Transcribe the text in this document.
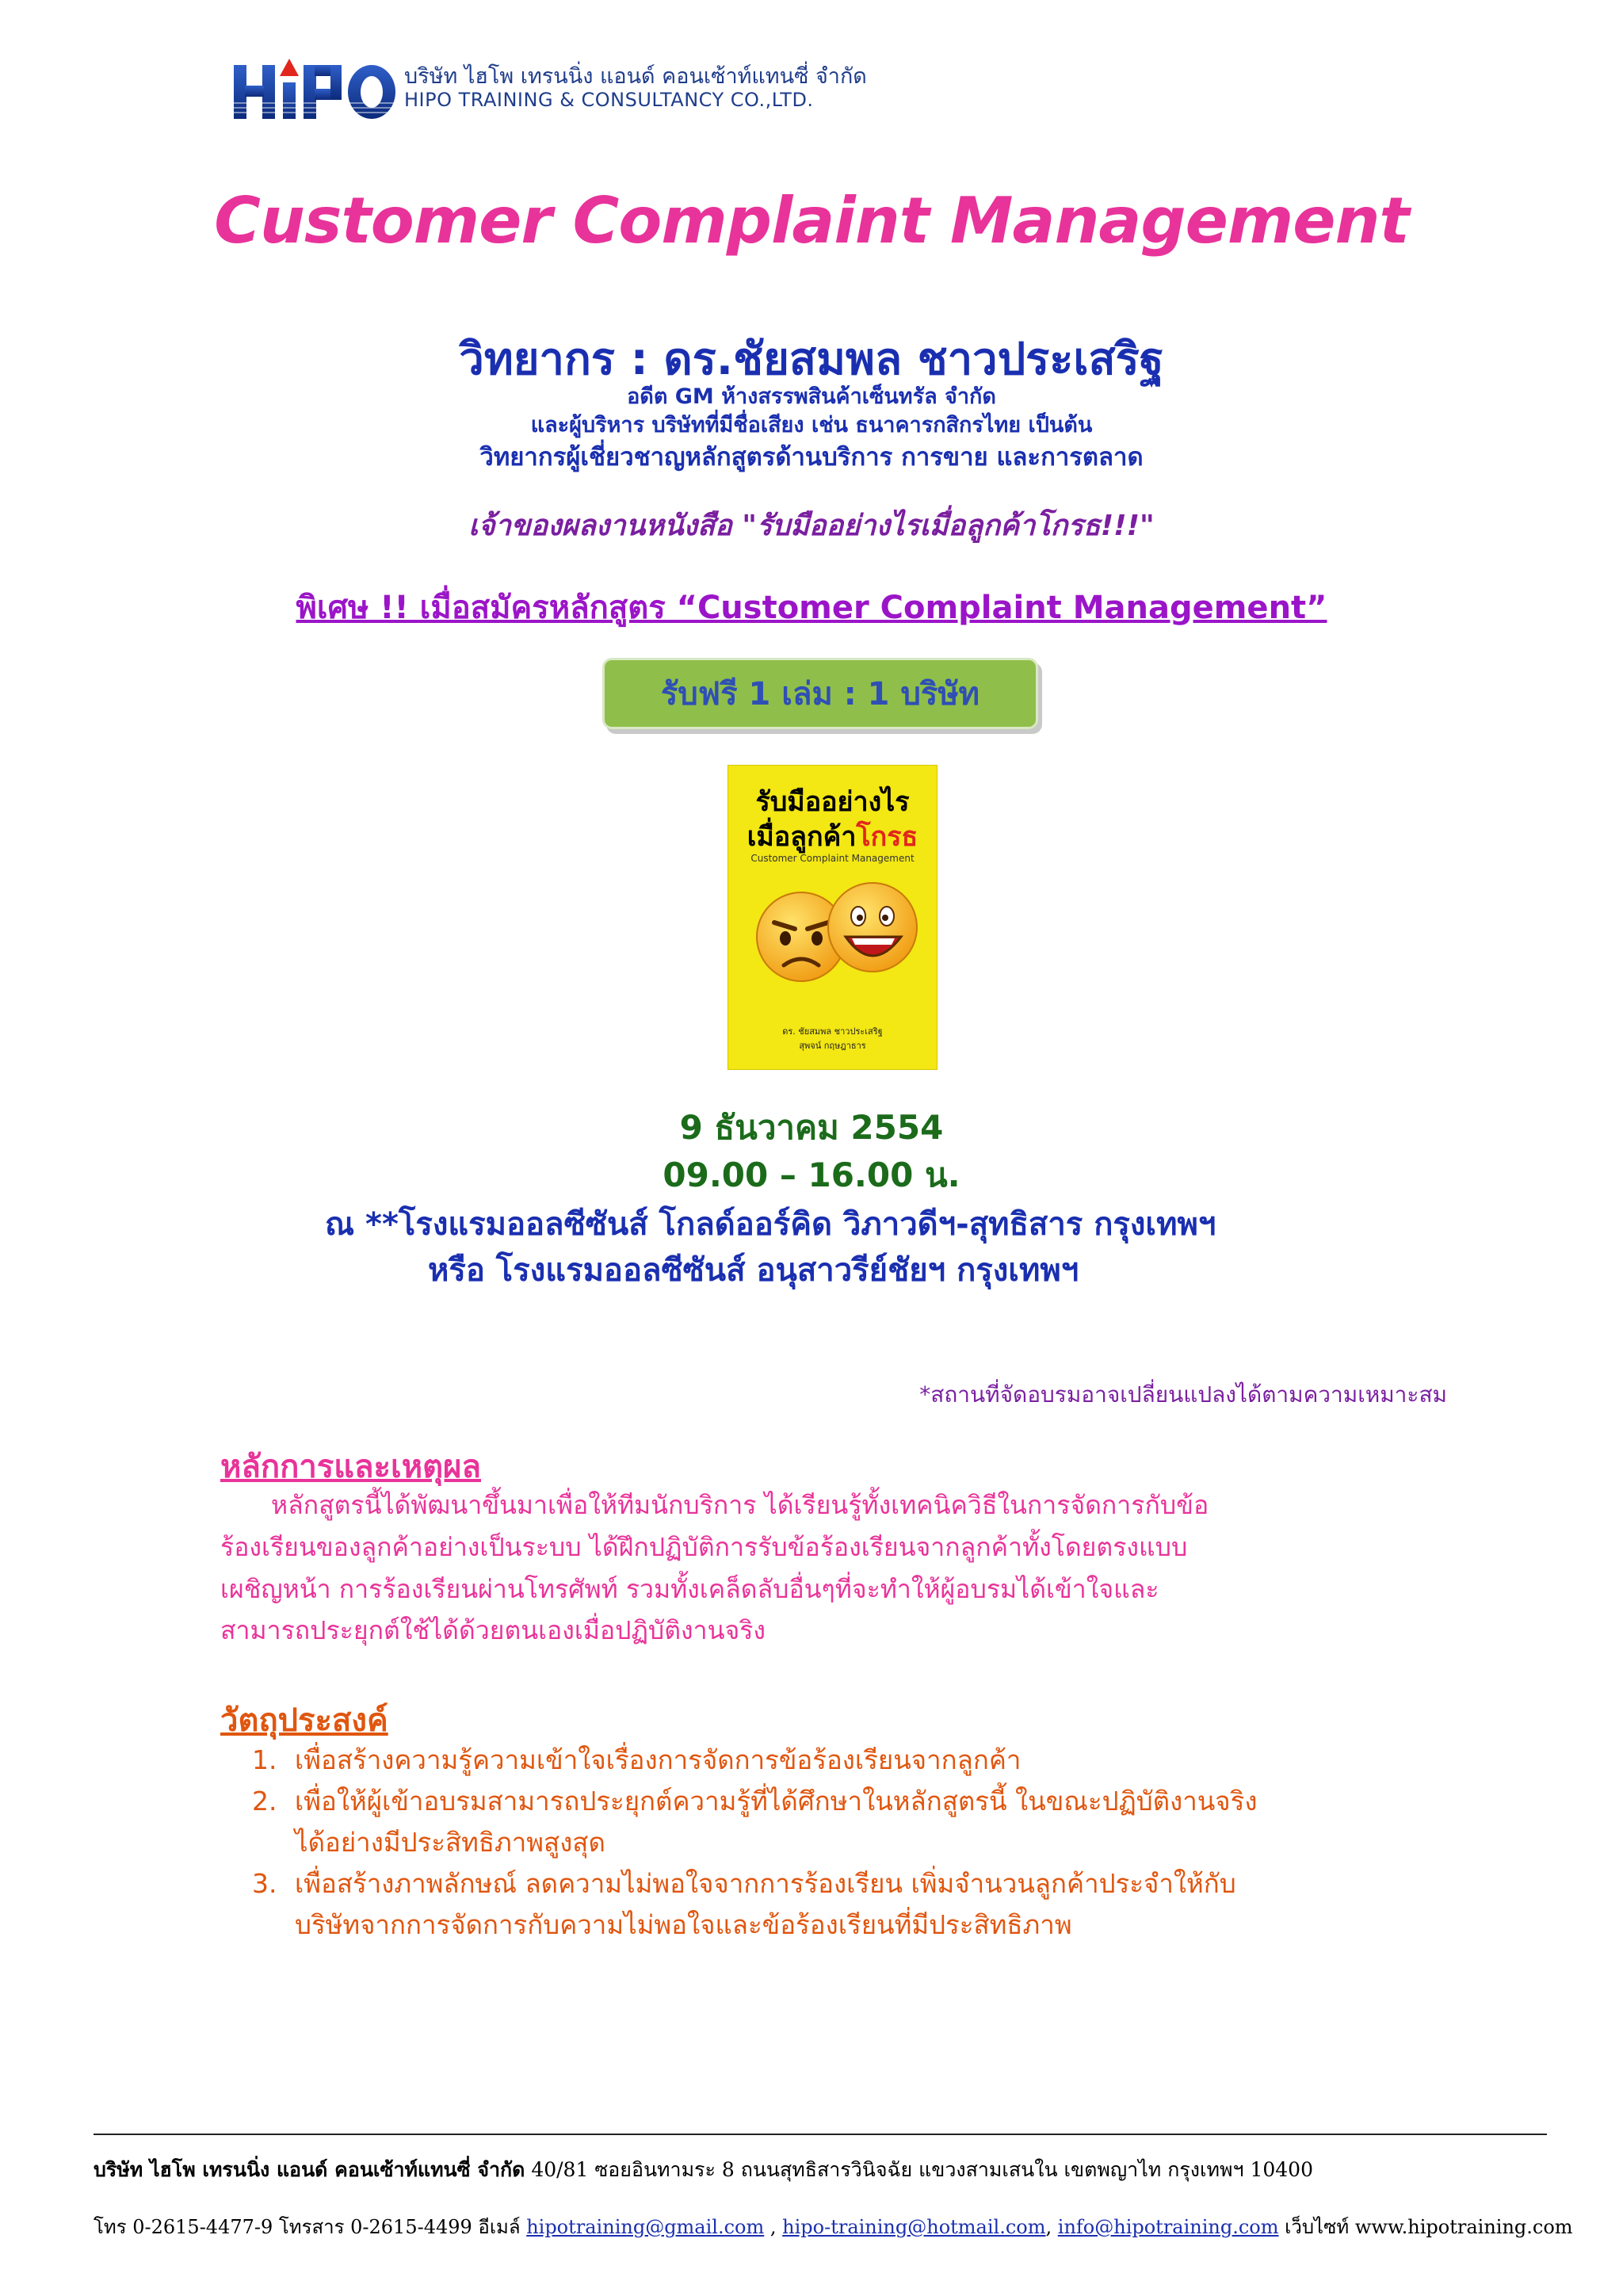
บริษัท ไฮโพ เทรนนิ่ง แอนด์ คอนเซ้าท์แทนซี่ จำกัด
HIPO TRAINING & CONSULTANCY CO.,LTD.
Customer Complaint Management
วิทยากร : ดร.ชัยสมพล ชาวประเสริฐ
อดีต GM ห้างสรรพสินค้าเซ็นทรัล จำกัด
และผู้บริหาร บริษัทที่มีชื่อเสียง เช่น ธนาคารกสิกรไทย เป็นต้น
วิทยากรผู้เชี่ยวชาญหลักสูตรด้านบริการ การขาย และการตลาด
เจ้าของผลงานหนังสือ "รับมืออย่างไรเมื่อลูกค้าโกรธ!!!"
พิเศษ !! เมื่อสมัครหลักสูตร “Customer Complaint Management”
รับฟรี 1 เล่ม : 1 บริษัท
รับมืออย่างไร
เมื่อลูกค้าโกรธ
Customer Complaint Management
ดร. ชัยสมพล ชาวประเสริฐ
สุพจน์ กฤษฎาธาร
9 ธันวาคม 2554
09.00 – 16.00 น.
ณ **โรงแรมออลซีซันส์ โกลด์ออร์คิด วิภาวดีฯ-สุทธิสาร กรุงเทพฯ
หรือ โรงแรมออลซีซันส์ อนุสาวรีย์ชัยฯ กรุงเทพฯ
*สถานที่จัดอบรมอาจเปลี่ยนแปลงได้ตามความเหมาะสม
หลักการและเหตุผล
หลักสูตรนี้ได้พัฒนาขึ้นมาเพื่อให้ทีมนักบริการ ได้เรียนรู้ทั้งเทคนิควิธีในการจัดการกับข้อ
ร้องเรียนของลูกค้าอย่างเป็นระบบ ได้ฝึกปฏิบัติการรับข้อร้องเรียนจากลูกค้าทั้งโดยตรงแบบ
เผชิญหน้า การร้องเรียนผ่านโทรศัพท์ รวมทั้งเคล็ดลับอื่นๆที่จะทำให้ผู้อบรมได้เข้าใจและ
สามารถประยุกต์ใช้ได้ด้วยตนเองเมื่อปฏิบัติงานจริง
วัตถุประสงค์
1. เพื่อสร้างความรู้ความเข้าใจเรื่องการจัดการข้อร้องเรียนจากลูกค้า
2. เพื่อให้ผู้เข้าอบรมสามารถประยุกต์ความรู้ที่ได้ศึกษาในหลักสูตรนี้ ในขณะปฏิบัติงานจริง
ได้อย่างมีประสิทธิภาพสูงสุด
3. เพื่อสร้างภาพลักษณ์ ลดความไม่พอใจจากการร้องเรียน เพิ่มจำนวนลูกค้าประจำให้กับ
บริษัทจากการจัดการกับความไม่พอใจและข้อร้องเรียนที่มีประสิทธิภาพ
บริษัท ไฮโพ เทรนนิ่ง แอนด์ คอนเซ้าท์แทนซี่ จำกัด 40/81 ซอยอินทามระ 8 ถนนสุทธิสารวินิจฉัย แขวงสามเสนใน เขตพญาไท กรุงเทพฯ 10400
โทร 0-2615-4477-9 โทรสาร 0-2615-4499 อีเมล์ hipotraining@gmail.com , hipo-training@hotmail.com, info@hipotraining.com เว็บไซท์ www.hipotraining.com
